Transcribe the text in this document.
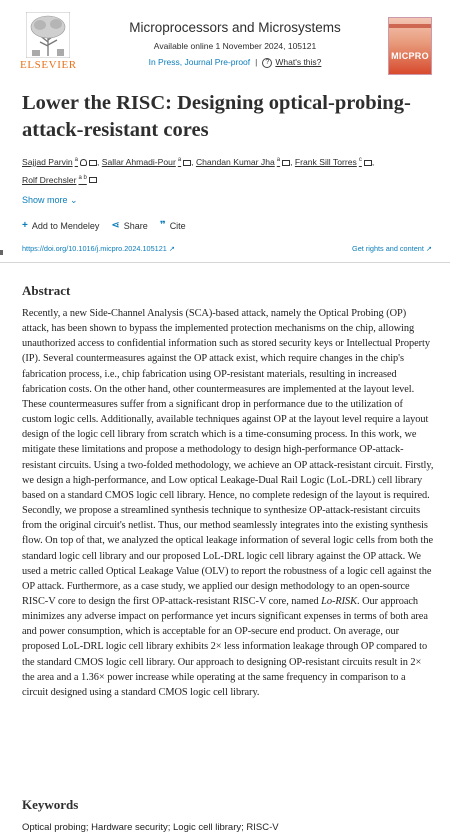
ELSEVIER
Microprocessors and Microsystems
Available online 1 November 2024, 105121
In Press, Journal Pre-proof | ? What's this?
MICPRO
Lower the RISC: Designing optical-probing-attack-resistant cores
Sajjad Parvin $^a$ , Sallar Ahmadi-Pour $^a$ , Chandan Kumar Jha $^a$ , Frank Sill Torres $^c$ ,
Rolf Drechsler $^{a b}$
Show more ⌄
+ Add to Mendeley ⋖ Share ❞ Cite
https://doi.org/10.1016/j.micpro.2024.105121 ↗	Get rights and content ↗
Abstract

Recently, a new Side-Channel Analysis (SCA)-based attack, namely the Optical Probing (OP) attack, has been shown to bypass the implemented protection mechanisms on the chip, allowing unauthorized access to confidential information such as stored security keys or Intellectual Property (IP). Several countermeasures against the OP attack exist, which require changes in the chip's fabrication process, i.e., chip fabrication using OP-resistant materials, resulting in increased fabrication costs. On the other hand, other countermeasures are implemented at the layout level. These countermeasures suffer from a significant drop in performance due to the utilization of custom logic cells. Additionally, available techniques against OP at the layout level require a layout design of the logic cell library from scratch which is a time-consuming process. In this work, we mitigate these limitations and propose a methodology to design high-performance OP-attack-resistant circuits. Using a two-folded methodology, we achieve an OP attack-resistant circuit. Firstly, we design a high-performance, and Low optical Leakage-Dual Rail Logic (LoL-DRL) cell library based on a standard CMOS logic cell library. Hence, no complete redesign of the layout is required. Secondly, we propose a streamlined synthesis technique to synthesize OP-attack-resistant circuits from the original circuit's netlist. Thus, our method seamlessly integrates into the existing synthesis flow. On top of that, we analyzed the optical leakage information of several logic cells from both the standard logic cell library and our proposed LoL-DRL logic cell library against the OP attack. We used a metric called Optical Leakage Value (OLV) to report the robustness of a logic cell against the OP attack. Furthermore, as a case study, we applied our design methodology to an open-source RISC-V core to design the first OP-attack-resistant RISC-V core, named Lo-RISK. Our approach minimizes any adverse impact on performance yet incurs significant expenses in terms of both area and power consumption, which is acceptable for an OP-secure end product. On average, our proposed LoL-DRL logic cell library exhibits 2× less information leakage through OP compared to the standard CMOS logic cell library. Our approach to designing OP-resistant circuits result in 2× the area and a 1.36× power increase while operating at the same frequency in comparison to a circuit designed using a standard CMOS logic cell library.

Keywords
Optical probing; Hardware security; Logic cell library; RISC-V
